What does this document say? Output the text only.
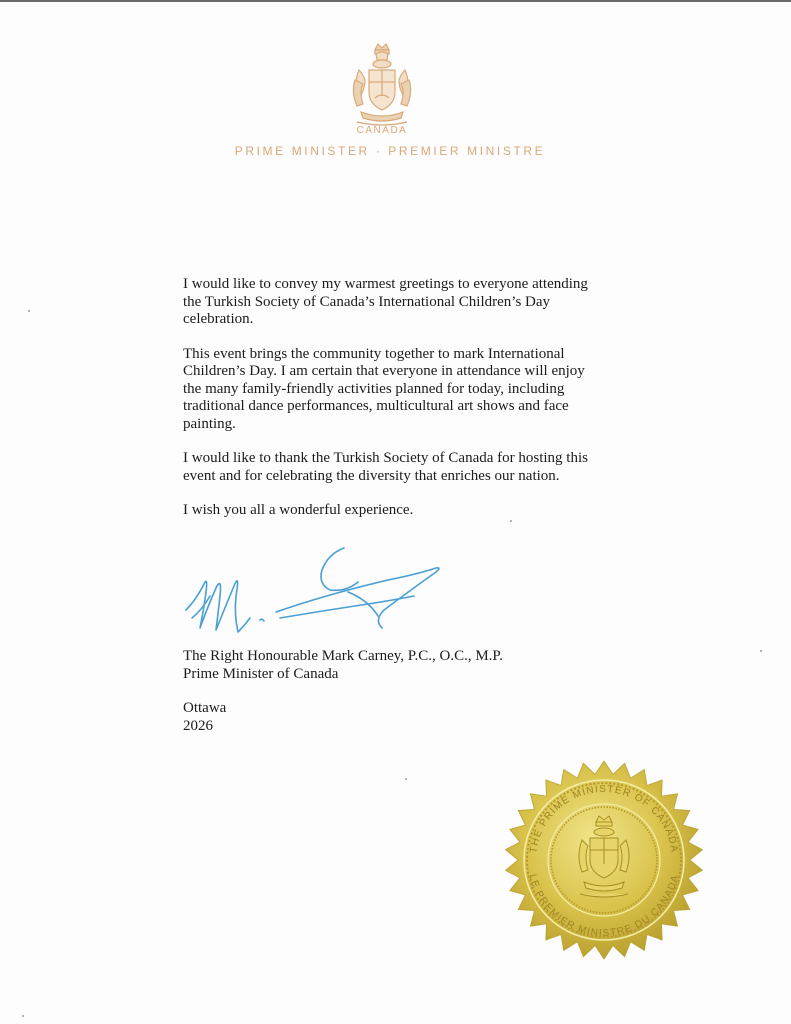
CANADA
PRIME MINISTER · PREMIER MINISTRE

I would like to convey my warmest greetings to everyone attending the Turkish Society of Canada’s International Children’s Day celebration.

This event brings the community together to mark International Children’s Day. I am certain that everyone in attendance will enjoy the many family-friendly activities planned for today, including traditional dance performances, multicultural art shows and face painting.

I would like to thank the Turkish Society of Canada for hosting this event and for celebrating the diversity that enriches our nation.

I wish you all a wonderful experience.

The Right Honourable Mark Carney, P.C., O.C., M.P.
Prime Minister of Canada
Ottawa
2026
THE PRIME MINISTER OF CANADA
LE PREMIER MINISTRE DU CANADA
